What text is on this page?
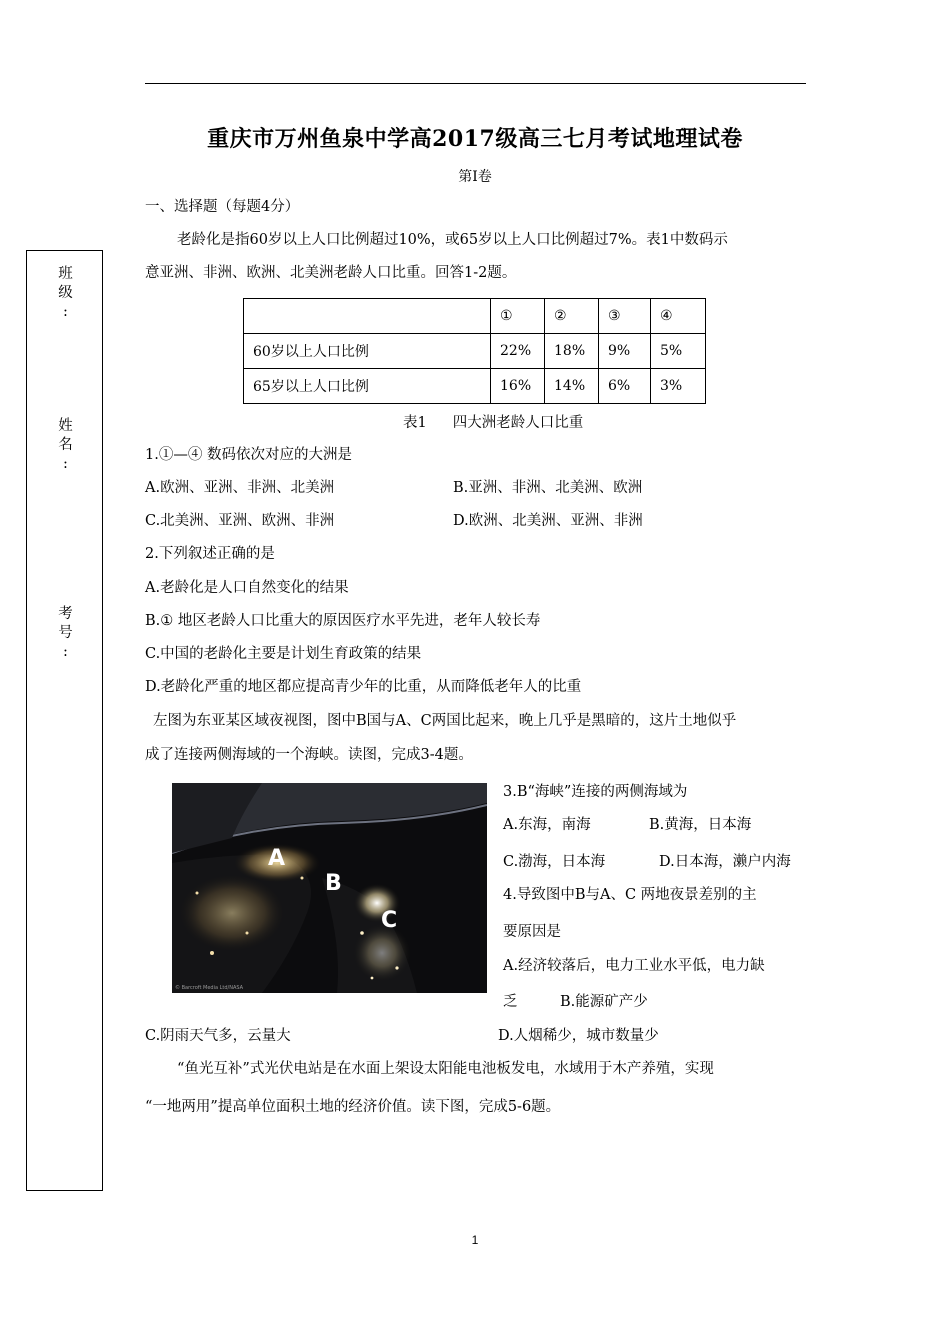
重庆市万州鱼泉中学高2017级高三七月考试地理试卷
第I卷
班
级
:
姓
名
:
考
号
:
一、选择题（每题4分）
老龄化是指60岁以上人口比例超过10%，或65岁以上人口比例超过7%。表1中数码示
意亚洲、非洲、欧洲、北美洲老龄人口比重。回答1-2题。
	①	②	③	④
60岁以上人口比例	22%	18%	9%	5%
65岁以上人口比例	16%	14%	6%	3%
表1 四大洲老龄人口比重
1.①—④ 数码依次对应的大洲是
A.欧洲、亚洲、非洲、北美洲	B.亚洲、非洲、北美洲、欧洲
C.北美洲、亚洲、欧洲、非洲	D.欧洲、北美洲、亚洲、非洲
2.下列叙述正确的是
A.老龄化是人口自然变化的结果
B.① 地区老龄人口比重大的原因医疗水平先进，老年人较长寿
C.中国的老龄化主要是计划生育政策的结果
D.老龄化严重的地区都应提高青少年的比重，从而降低老年人的比重
左图为东亚某区域夜视图，图中B国与A、C两国比起来，晚上几乎是黑暗的，这片土地似乎
成了连接两侧海域的一个海峡。读图，完成3-4题。
A
B
C
© Barcroft Media Ltd/NASA
3.B“海峡”连接的两侧海域为
A.东海，南海	B.黄海，日本海
C.渤海，日本海	D.日本海，濑户内海
4.导致图中B与A、C 两地夜景差别的主
要原因是
A.经济较落后，电力工业水平低，电力缺
乏	B.能源矿产少
C.阴雨天气多，云量大	D.人烟稀少，城市数量少
“鱼光互补”式光伏电站是在水面上架设太阳能电池板发电，水域用于木产养殖，实现
“一地两用”提高单位面积土地的经济价值。读下图，完成5-6题。
1
